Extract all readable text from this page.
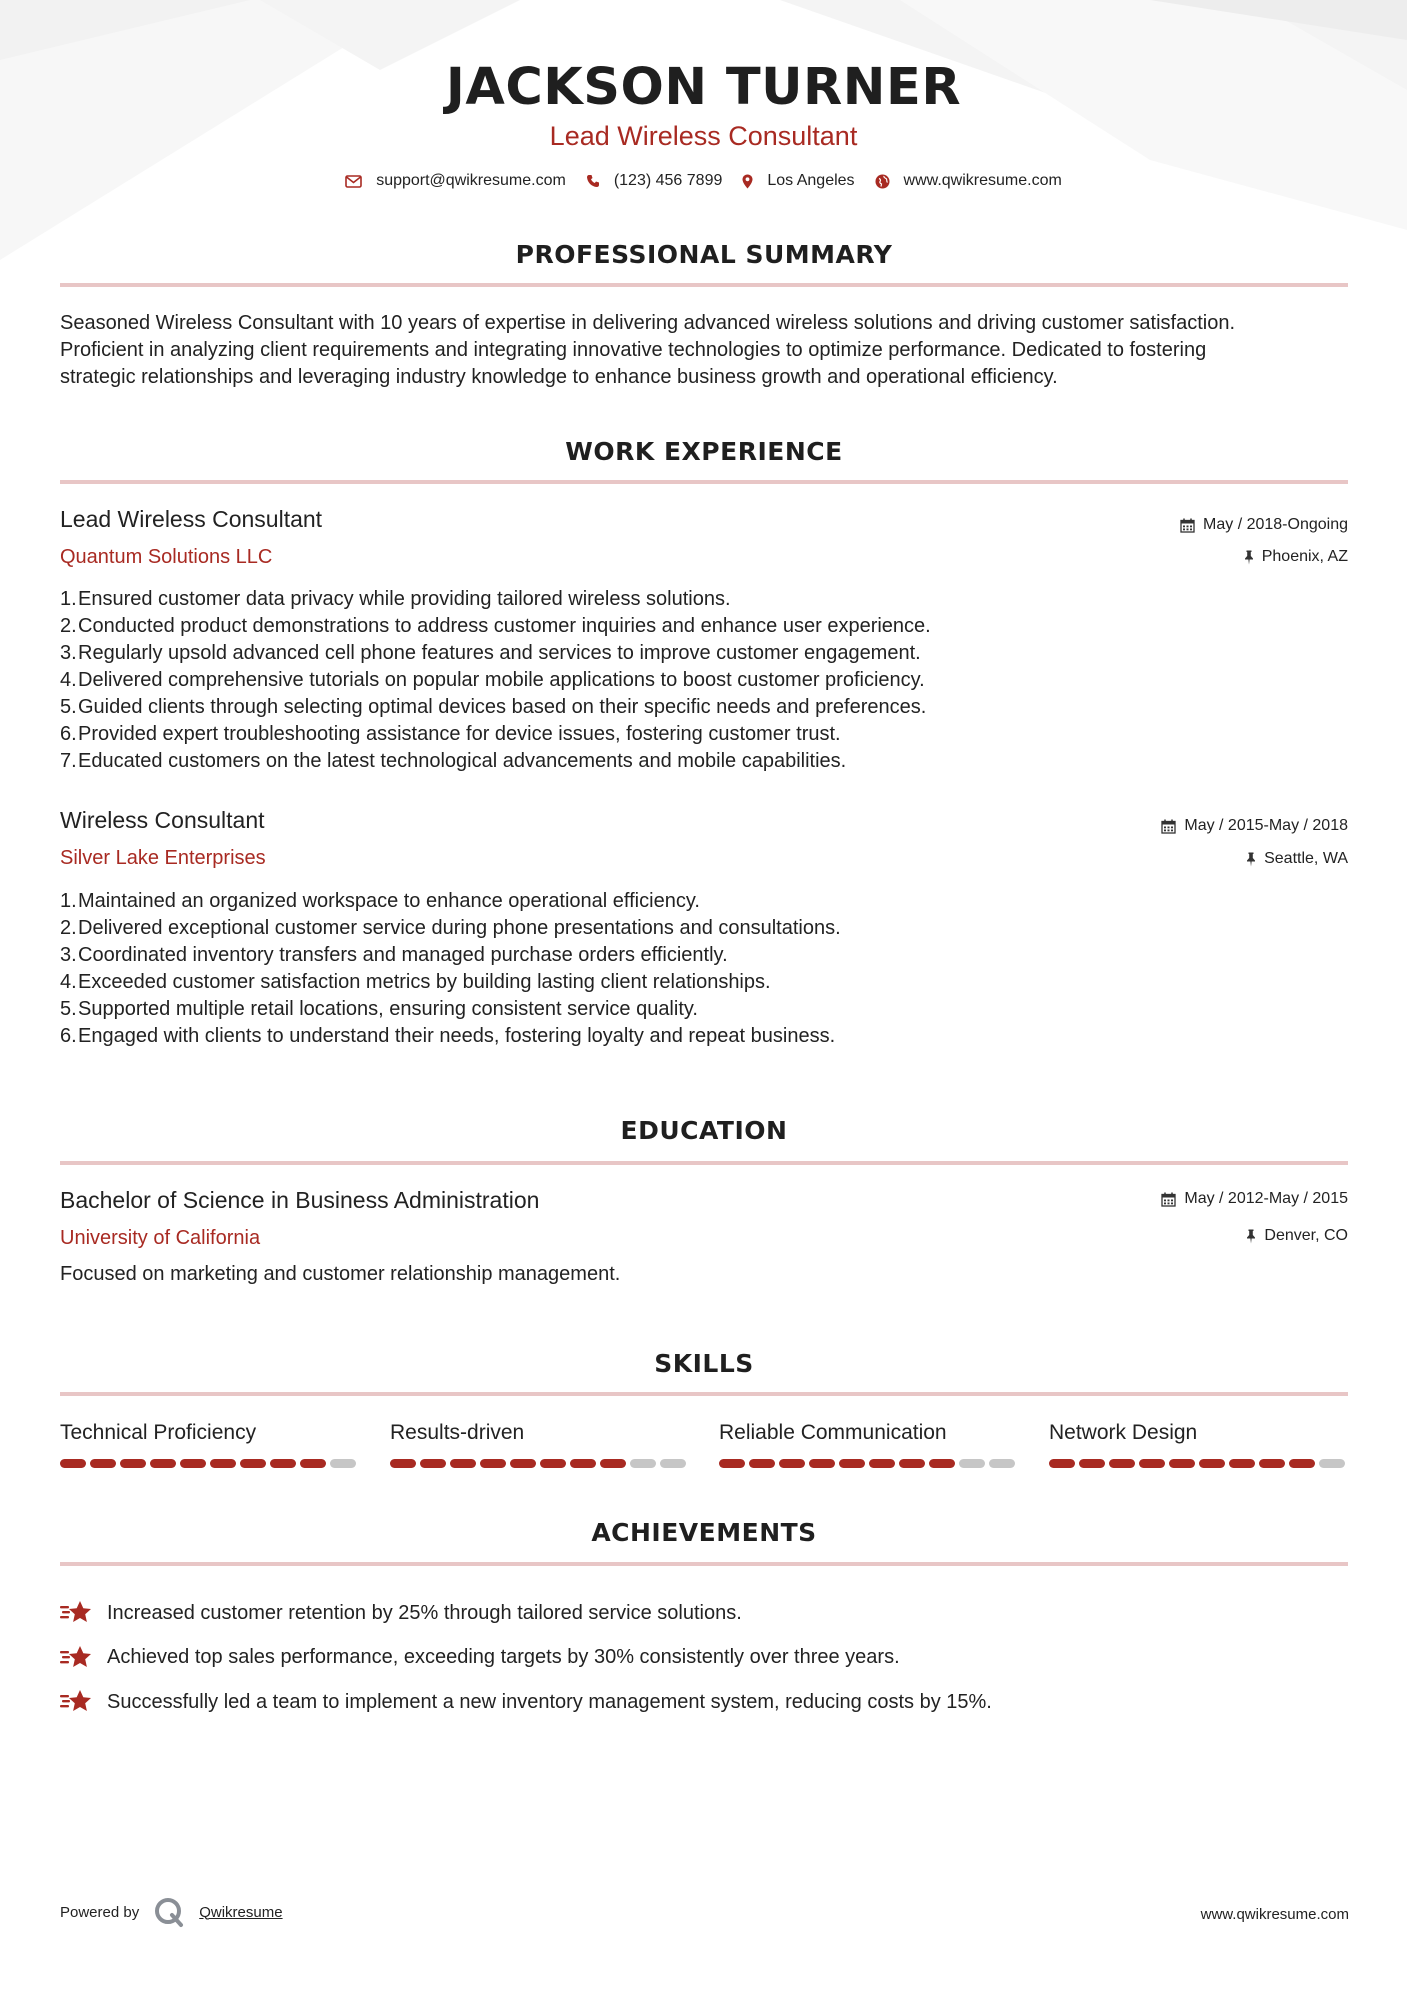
JACKSON TURNER
Lead Wireless Consultant
support@qwikresume.com	(123) 456 7899	Los Angeles	www.qwikresume.com
PROFESSIONAL SUMMARY
Seasoned Wireless Consultant with 10 years of expertise in delivering advanced wireless solutions and driving customer satisfaction.
Proficient in analyzing client requirements and integrating innovative technologies to optimize performance. Dedicated to fostering
strategic relationships and leveraging industry knowledge to enhance business growth and operational efficiency.
WORK EXPERIENCE
Lead Wireless Consultant
Quantum Solutions LLC
May / 2018-Ongoing
Phoenix, AZ
1. Ensured customer data privacy while providing tailored wireless solutions.
2. Conducted product demonstrations to address customer inquiries and enhance user experience.
3. Regularly upsold advanced cell phone features and services to improve customer engagement.
4. Delivered comprehensive tutorials on popular mobile applications to boost customer proficiency.
5. Guided clients through selecting optimal devices based on their specific needs and preferences.
6. Provided expert troubleshooting assistance for device issues, fostering customer trust.
7. Educated customers on the latest technological advancements and mobile capabilities.
Wireless Consultant
Silver Lake Enterprises
May / 2015-May / 2018
Seattle, WA
1. Maintained an organized workspace to enhance operational efficiency.
2. Delivered exceptional customer service during phone presentations and consultations.
3. Coordinated inventory transfers and managed purchase orders efficiently.
4. Exceeded customer satisfaction metrics by building lasting client relationships.
5. Supported multiple retail locations, ensuring consistent service quality.
6. Engaged with clients to understand their needs, fostering loyalty and repeat business.
EDUCATION
Bachelor of Science in Business Administration
University of California
May / 2012-May / 2015
Denver, CO
Focused on marketing and customer relationship management.
SKILLS
Technical Proficiency	Results-driven	Reliable Communication	Network Design
ACHIEVEMENTS
Increased customer retention by 25% through tailored service solutions.
Achieved top sales performance, exceeding targets by 30% consistently over three years.
Successfully led a team to implement a new inventory management system, reducing costs by 15%.
Powered by	Qwikresume	www.qwikresume.com
